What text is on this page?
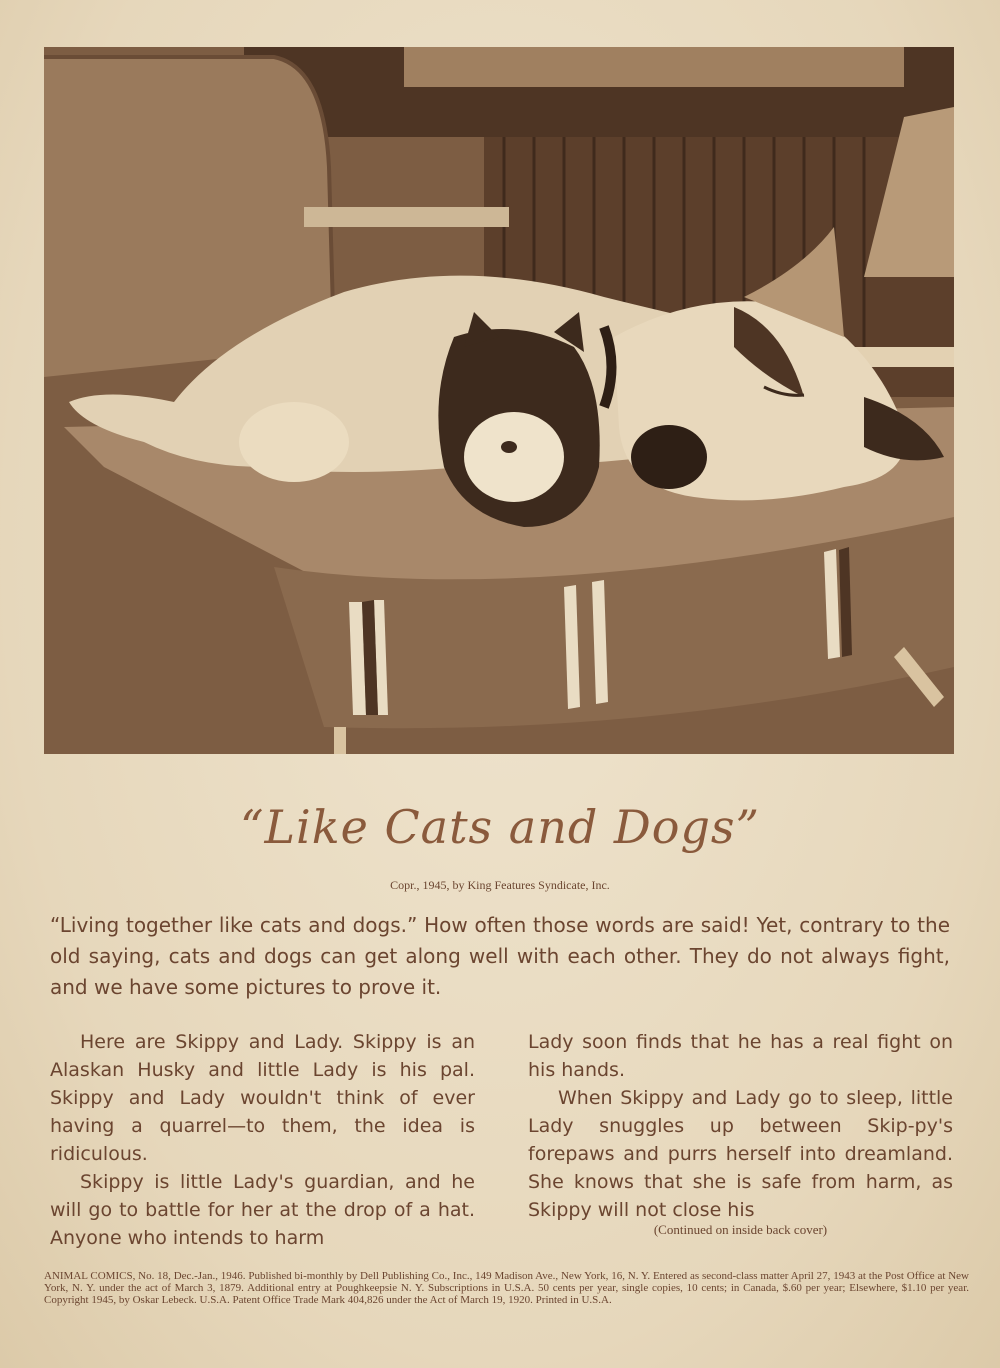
“Like Cats and Dogs”
Copr., 1945, by King Features Syndicate, Inc.
“Living together like cats and dogs.” How often those words are said! Yet, contrary to the old saying, cats and dogs can get along well with each other. They do not always fight, and we have some pictures to prove it.

Here are Skippy and Lady. Skippy is an Alaskan Husky and little Lady is his pal. Skippy and Lady wouldn't think of ever having a quarrel—to them, the idea is ridiculous.

Skippy is little Lady's guardian, and he will go to battle for her at the drop of a hat. Anyone who intends to harm

Lady soon finds that he has a real fight on his hands.

When Skippy and Lady go to sleep, little Lady snuggles up between Skip-py's forepaws and purrs herself into dreamland. She knows that she is safe from harm, as Skippy will not close his

(Continued on inside back cover)
ANIMAL COMICS, No. 18, Dec.-Jan., 1946. Published bi-monthly by Dell Publishing Co., Inc., 149 Madison Ave., New York, 16, N. Y. Entered as second-class matter April 27, 1943 at the Post Office at New York, N. Y. under the act of March 3, 1879. Additional entry at Poughkeepsie N. Y. Subscriptions in U.S.A. 50 cents per year, single copies, 10 cents; in Canada, $.60 per year; Elsewhere, $1.10 per year. Copyright 1945, by Oskar Lebeck. U.S.A. Patent Office Trade Mark 404,826 under the Act of March 19, 1920. Printed in U.S.A.
